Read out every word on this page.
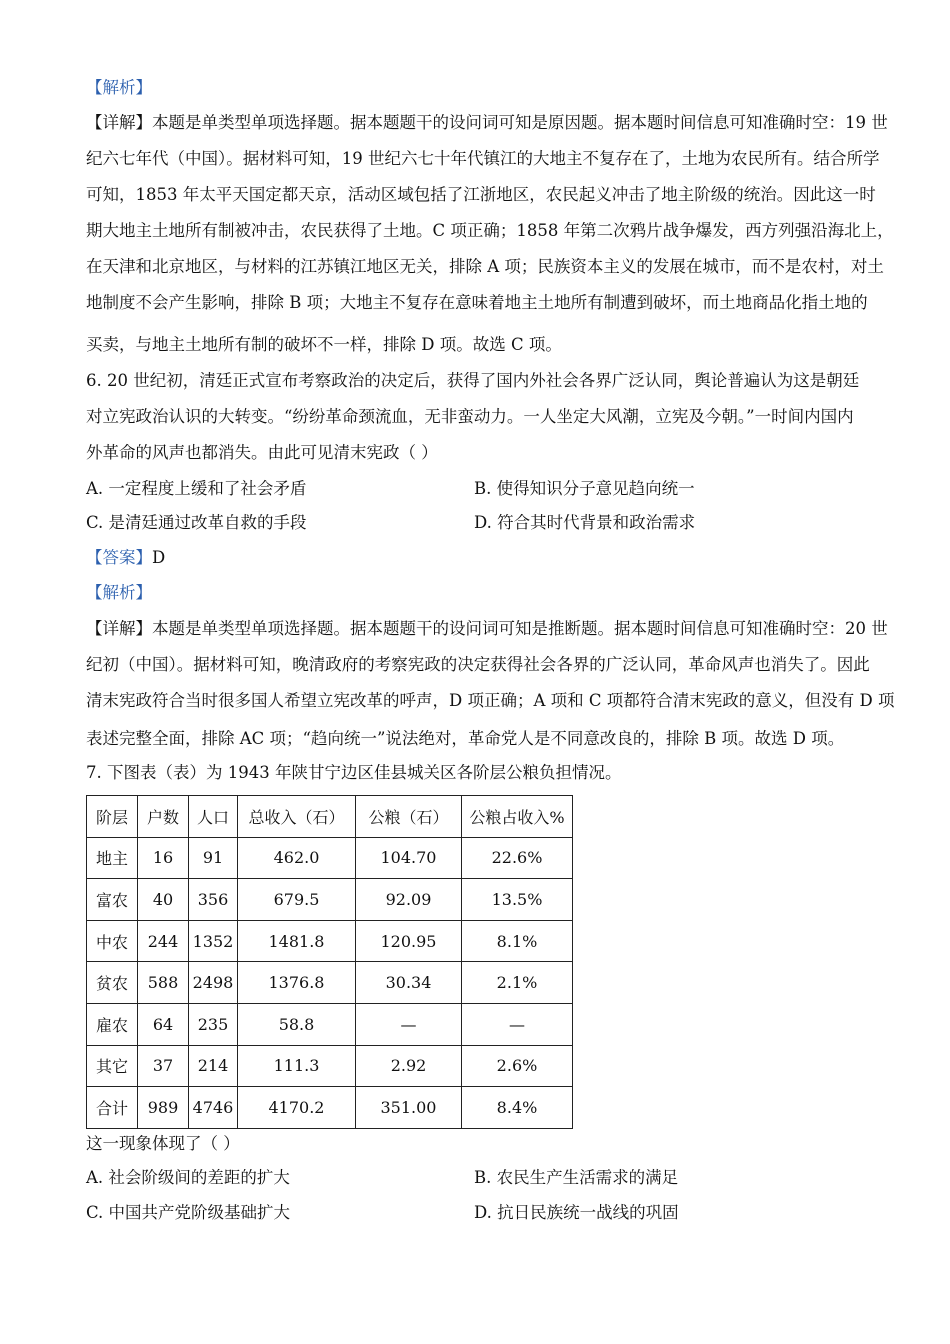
【解析】
【详解】本题是单类型单项选择题。据本题题干的设问词可知是原因题。据本题时间信息可知准确时空：19 世
纪六七年代（中国）。据材料可知，19 世纪六七十年代镇江的大地主不复存在了，土地为农民所有。结合所学
可知，1853 年太平天国定都天京，活动区域包括了江浙地区，农民起义冲击了地主阶级的统治。因此这一时
期大地主土地所有制被冲击，农民获得了土地。C 项正确；1858 年第二次鸦片战争爆发，西方列强沿海北上，
在天津和北京地区，与材料的江苏镇江地区无关，排除 A 项；民族资本主义的发展在城市，而不是农村，对土
地制度不会产生影响，排除 B 项；大地主不复存在意味着地主土地所有制遭到破坏，而土地商品化指土地的
买卖，与地主土地所有制的破坏不一样，排除 D 项。故选 C 项。
6. 20 世纪初，清廷正式宣布考察政治的决定后，获得了国内外社会各界广泛认同，舆论普遍认为这是朝廷
对立宪政治认识的大转变。“纷纷革命颈流血，无非蛮动力。一人坐定大风潮，立宪及今朝。”一时间内国内
外革命的风声也都消失。由此可见清末宪政（ ）
A. 一定程度上缓和了社会矛盾	B. 使得知识分子意见趋向统一
C. 是清廷通过改革自救的手段	D. 符合其时代背景和政治需求
【答案】D
【解析】
【详解】本题是单类型单项选择题。据本题题干的设问词可知是推断题。据本题时间信息可知准确时空：20 世
纪初（中国）。据材料可知，晚清政府的考察宪政的决定获得社会各界的广泛认同，革命风声也消失了。因此
清末宪政符合当时很多国人希望立宪改革的呼声，D 项正确；A 项和 C 项都符合清末宪政的意义，但没有 D 项
表述完整全面，排除 AC 项；“趋向统一”说法绝对，革命党人是不同意改良的，排除 B 项。故选 D 项。
7. 下图表（表）为 1943 年陕甘宁边区佳县城关区各阶层公粮负担情况。
阶层	户数	人口	总收入（石）	公粮（石）	公粮占收入%
地主	16	91	462.0	104.70	22.6%
富农	40	356	679.5	92.09	13.5%
中农	244	1352	1481.8	120.95	8.1%
贫农	588	2498	1376.8	30.34	2.1%
雇农	64	235	58.8	—	—
其它	37	214	111.3	2.92	2.6%
合计	989	4746	4170.2	351.00	8.4%
这一现象体现了（ ）
A. 社会阶级间的差距的扩大	B. 农民生产生活需求的满足
C. 中国共产党阶级基础扩大	D. 抗日民族统一战线的巩固
